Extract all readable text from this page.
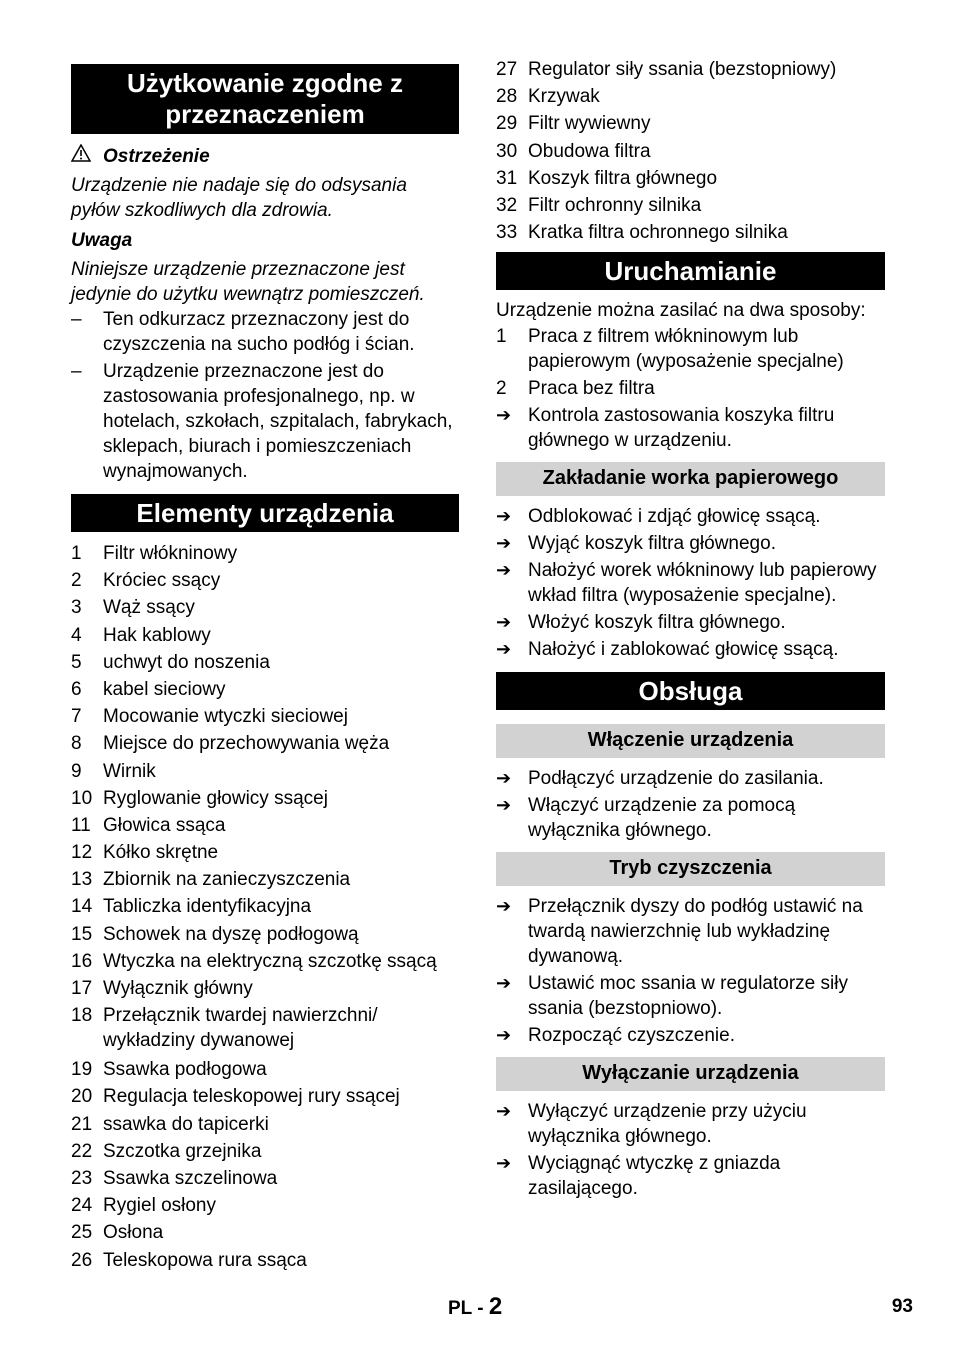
Użytkowanie zgodne z
przeznaczeniem
Ostrzeżenie
Urządzenie nie nadaje się do odsysania pyłów szkodliwych dla zdrowia.
Uwaga
Niniejsze urządzenie przeznaczone jest jedynie do użytku wewnątrz pomieszczeń.
–	Ten odkurzacz przeznaczony jest do czyszczenia na sucho podłóg i ścian.
–	Urządzenie przeznaczone jest do zastosowania profesjonalnego, np. w hotelach, szkołach, szpitalach, fabrykach, sklepach, biurach i pomieszczeniach wynajmowanych.
Elementy urządzenia
1	Filtr włókninowy
2	Króciec ssący
3	Wąż ssący
4	Hak kablowy
5	uchwyt do noszenia
6	kabel sieciowy
7	Mocowanie wtyczki sieciowej
8	Miejsce do przechowywania węża
9	Wirnik
10 Ryglowanie głowicy ssącej
11 Głowica ssąca
12 Kółko skrętne
13 Zbiornik na zanieczyszczenia
14 Tabliczka identyfikacyjna
15 Schowek na dyszę podłogową
16 Wtyczka na elektryczną szczotkę ssącą
17 Wyłącznik główny
18 Przełącznik twardej nawierzchni/
wykładziny dywanowej
19 Ssawka podłogowa
20 Regulacja teleskopowej rury ssącej
21 ssawka do tapicerki
22 Szczotka grzejnika
23 Ssawka szczelinowa
24 Rygiel osłony
25 Osłona
26 Teleskopowa rura ssąca
27 Regulator siły ssania (bezstopniowy)
28 Krzywak
29 Filtr wywiewny
30 Obudowa filtra
31 Koszyk filtra głównego
32 Filtr ochronny silnika
33 Kratka filtra ochronnego silnika
Uruchamianie
Urządzenie można zasilać na dwa sposoby:
1	Praca z filtrem włókninowym lub papierowym (wyposażenie specjalne)
2	Praca bez filtra
➔ Kontrola zastosowania koszyka filtru głównego w urządzeniu.
Zakładanie worka papierowego
➔ Odblokować i zdjąć głowicę ssącą.
➔ Wyjąć koszyk filtra głównego.
➔ Nałożyć worek włókninowy lub papierowy wkład filtra (wyposażenie specjalne).
➔ Włożyć koszyk filtra głównego.
➔ Nałożyć i zablokować głowicę ssącą.
Obsługa
Włączenie urządzenia
➔ Podłączyć urządzenie do zasilania.
➔ Włączyć urządzenie za pomocą wyłącznika głównego.
Tryb czyszczenia
➔ Przełącznik dyszy do podłóg ustawić na twardą nawierzchnię lub wykładzinę dywanową.
➔ Ustawić moc ssania w regulatorze siły ssania (bezstopniowo).
➔ Rozpocząć czyszczenie.
Wyłączanie urządzenia
➔ Wyłączyć urządzenie przy użyciu wyłącznika głównego.
➔ Wyciągnąć wtyczkę z gniazda zasilającego.
PL - 2	93
